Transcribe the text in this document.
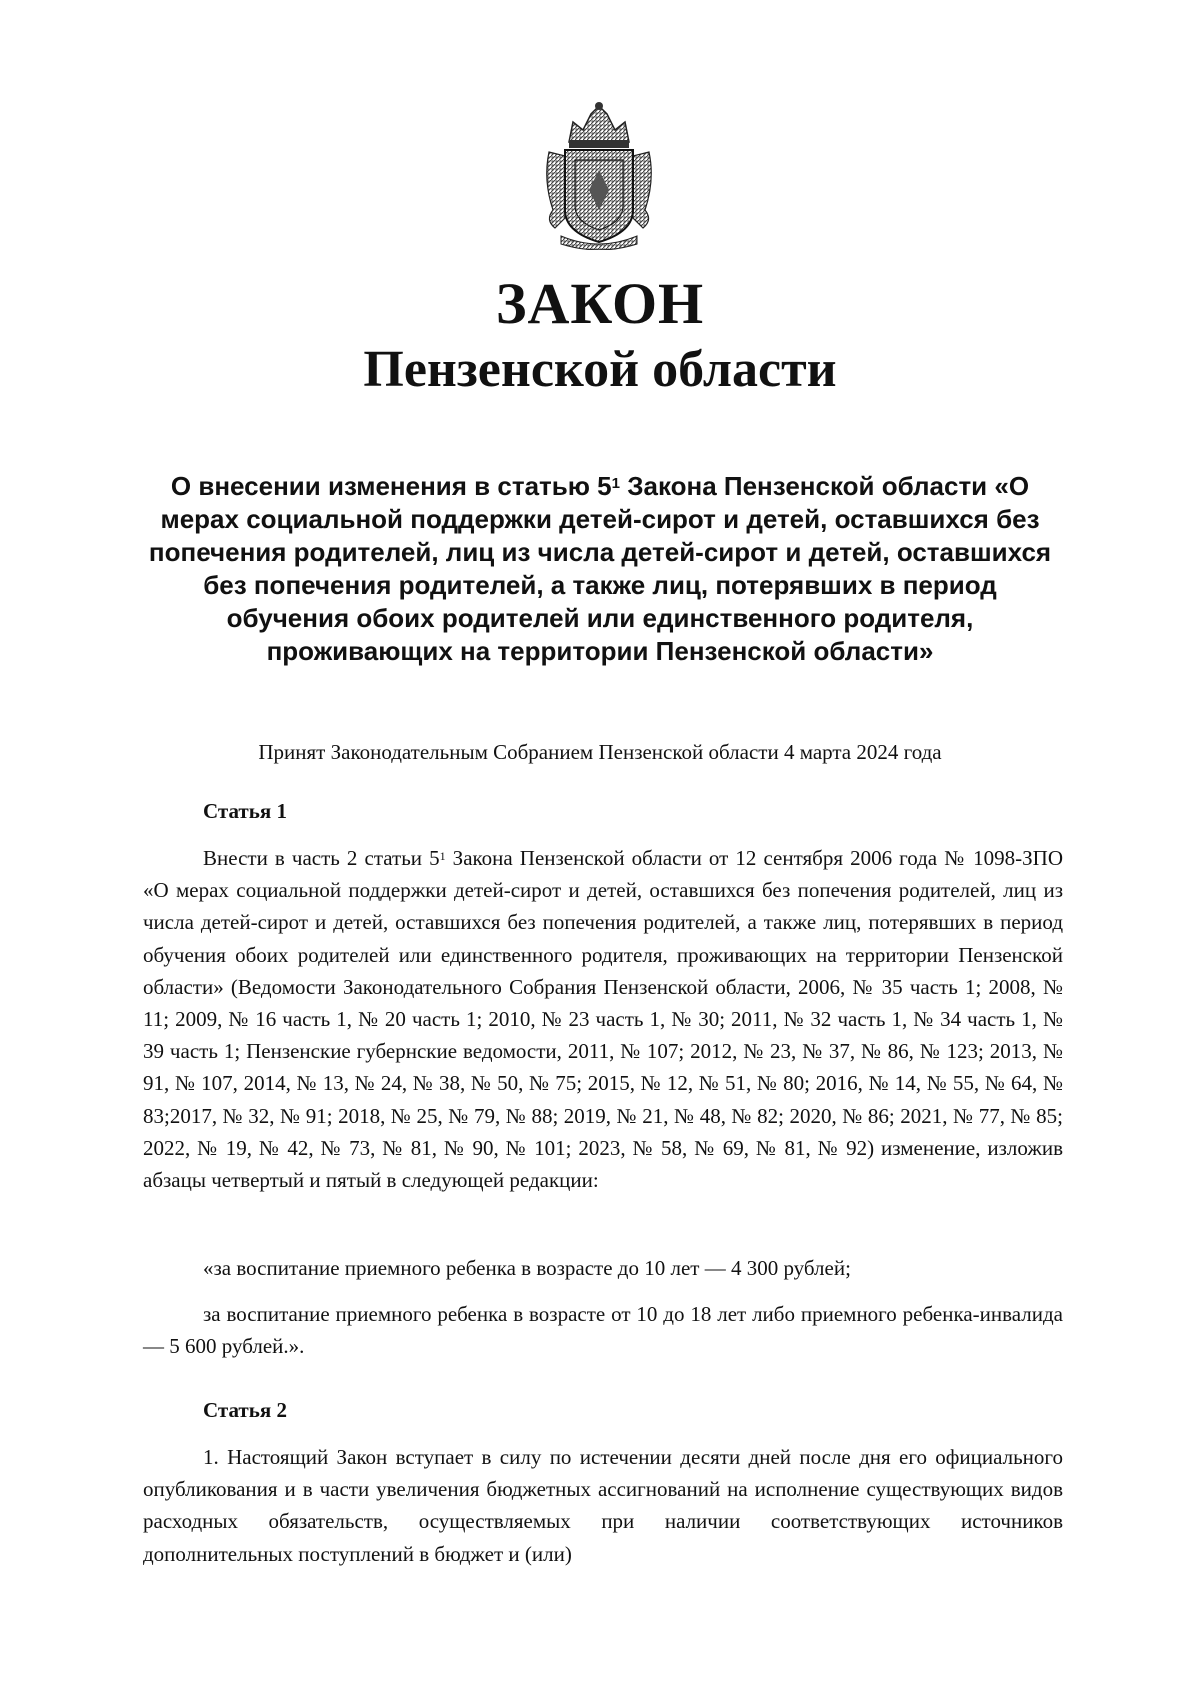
ЗАКОН
Пензенской области
О внесении изменения в статью $5^1$ Закона Пензенской области «О мерах социальной поддержки детей-сирот и детей, оставшихся без попечения родителей, лиц из числа детей-сирот и детей, оставшихся без попечения родителей, а также лиц, потерявших в период обучения обоих родителей или единственного родителя, проживающих на территории Пензенской области»
Принят Законодательным Собранием Пензенской области 4 марта 2024 года
Статья 1
Внести в часть 2 статьи $5^1$ Закона Пензенской области от 12 сентября 2006 года № 1098-ЗПО «О мерах социальной поддержки детей-сирот и детей, оставшихся без попечения родителей, лиц из числа детей-сирот и детей, оставшихся без попечения родителей, а также лиц, потерявших в период обучения обоих родителей или единственного родителя, проживающих на территории Пензенской области» (Ведомости Законодательного Собрания Пензенской области, 2006, № 35 часть 1; 2008, № 11; 2009, № 16 часть 1, № 20 часть 1; 2010, № 23 часть 1, № 30; 2011, № 32 часть 1, № 34 часть 1, № 39 часть 1; Пензенские губернские ведомости, 2011, № 107; 2012, № 23, № 37, № 86, № 123; 2013, № 91, № 107, 2014, № 13, № 24, № 38, № 50, № 75; 2015, № 12, № 51, № 80; 2016, № 14, № 55, № 64, № 83;2017, № 32, № 91; 2018, № 25, № 79, № 88; 2019, № 21, № 48, № 82; 2020, № 86; 2021, № 77, № 85; 2022, № 19, № 42, № 73, № 81, № 90, № 101; 2023, № 58, № 69, № 81, № 92) изменение, изложив абзацы четвертый и пятый в следующей редакции:
«за воспитание приемного ребенка в возрасте до 10 лет — 4 300 рублей;
за воспитание приемного ребенка в возрасте от 10 до 18 лет либо приемного ребенка-инвалида — 5 600 рублей.».
Статья 2
1. Настоящий Закон вступает в силу по истечении десяти дней после дня его официального опубликования и в части увеличения бюджетных ассигнований на исполнение существующих видов расходных обязательств, осуществляемых при наличии соответствующих источников дополнительных поступлений в бюджет и (или)
